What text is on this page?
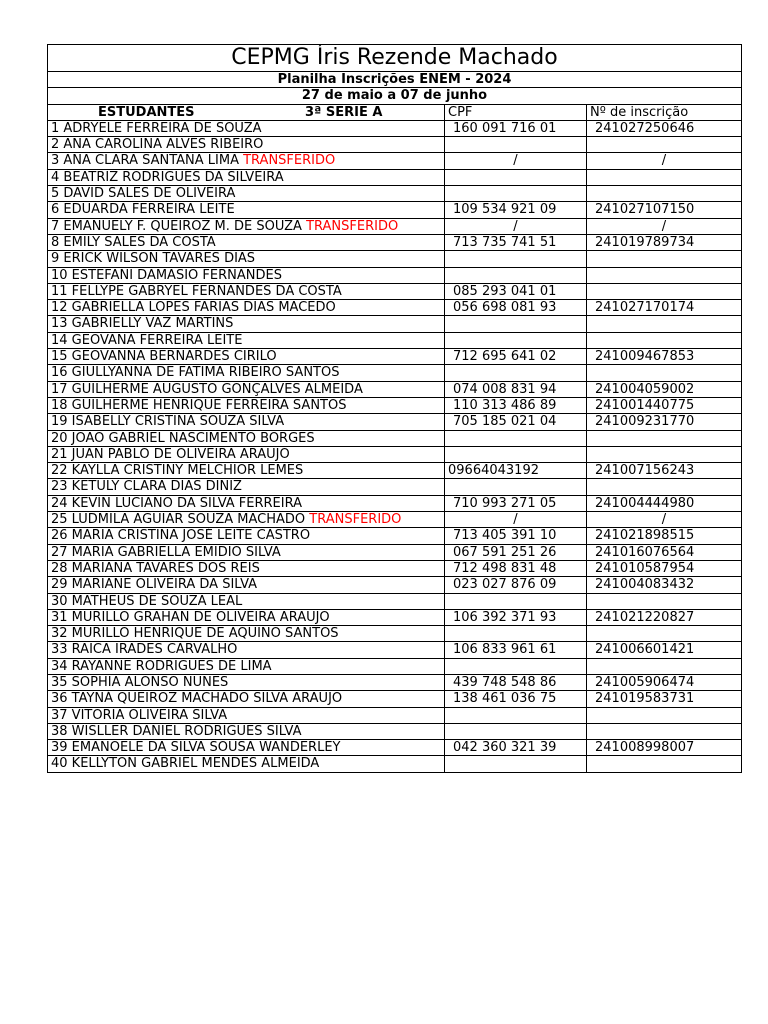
CEPMG Íris Rezende Machado		
Planilha Inscrições ENEM - 2024		
27 de maio a 07 de junho		
ESTUDANTES 3ª SERIE A	CPF	Nº de inscrição
1 ADRYELE FERREIRA DE SOUZA	160 091 716 01	241027250646
2 ANA CAROLINA ALVES RIBEIRO		
3 ANA CLARA SANTANA LIMA TRANSFERIDO	/	/
4 BEATRIZ RODRIGUES DA SILVEIRA		
5 DAVID SALES DE OLIVEIRA		
6 EDUARDA FERREIRA LEITE	109 534 921 09	241027107150
7 EMANUELY F. QUEIROZ M. DE SOUZA TRANSFERIDO	/	/
8 EMILY SALES DA COSTA	713 735 741 51	241019789734
9 ERICK WILSON TAVARES DIAS		
10 ESTEFANI DAMASIO FERNANDES		
11 FELLYPE GABRYEL FERNANDES DA COSTA	085 293 041 01	
12 GABRIELLA LOPES FARIAS DIAS MACEDO	056 698 081 93	241027170174
13 GABRIELLY VAZ MARTINS		
14 GEOVANA FERREIRA LEITE		
15 GEOVANNA BERNARDES CIRILO	712 695 641 02	241009467853
16 GIULLYANNA DE FATIMA RIBEIRO SANTOS		
17 GUILHERME AUGUSTO GONÇALVES ALMEIDA	074 008 831 94	241004059002
18 GUILHERME HENRIQUE FERREIRA SANTOS	110 313 486 89	241001440775
19 ISABELLY CRISTINA SOUZA SILVA	705 185 021 04	241009231770
20 JOÃO GABRIEL NASCIMENTO BORGES		
21 JUAN PABLO DE OLIVEIRA ARAUJO		
22 KAYLLA CRISTINY MELCHIOR LEMES	09664043192	241007156243
23 KETULY CLARA DIAS DINIZ		
24 KEVIN LUCIANO DA SILVA FERREIRA	710 993 271 05	241004444980
25 LUDMILA AGUIAR SOUZA MACHADO TRANSFERIDO	/	/
26 MARIA CRISTINA JOSÉ LEITE CASTRO	713 405 391 10	241021898515
27 MARIA GABRIELLA EMIDIO SILVA	067 591 251 26	241016076564
28 MARIANA TAVARES DOS REIS	712 498 831 48	241010587954
29 MARIANE OLIVEIRA DA SILVA	023 027 876 09	241004083432
30 MATHEUS DE SOUZA LEAL		
31 MURILLO GRAHAN DE OLIVEIRA ARAUJO	106 392 371 93	241021220827
32 MURILLO HENRIQUE DE AQUINO SANTOS		
33 RAICA IRADES CARVALHO	106 833 961 61	241006601421
34 RAYANNE RODRIGUES DE LIMA		
35 SOPHIA ALONSO NUNES	439 748 548 86	241005906474
36 TAYNÁ QUEIROZ MACHADO SILVA ARAUJO	138 461 036 75	241019583731
37 VITÓRIA OLIVEIRA SILVA		
38 WISLLER DANIEL RODRIGUES SILVA		
39 EMANOELE DA SILVA SOUSA WANDERLEY	042 360 321 39	241008998007
40 KELLYTON GABRIEL MENDES ALMEIDA		
